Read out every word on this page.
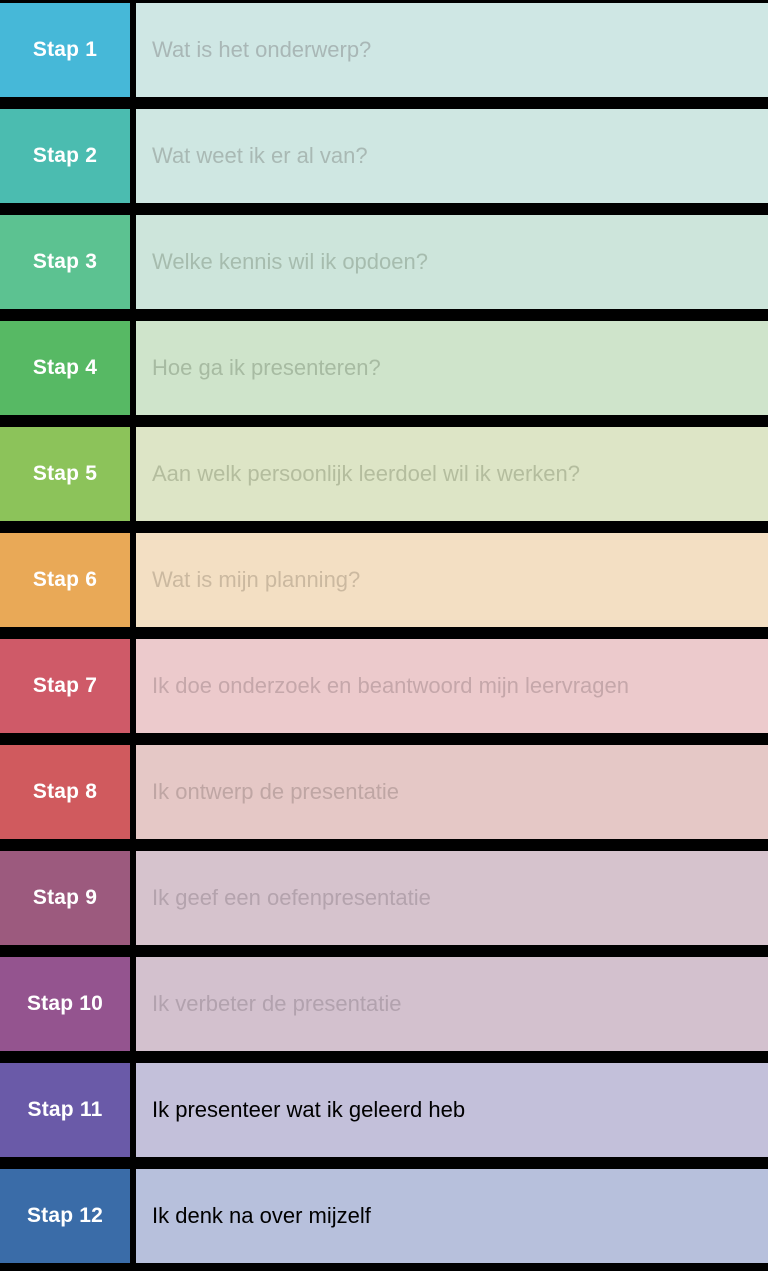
Stap 1	Wat is het onderwerp?
Stap 2	Wat weet ik er al van?
Stap 3	Welke kennis wil ik opdoen?
Stap 4	Hoe ga ik presenteren?
Stap 5	Aan welk persoonlijk leerdoel wil ik werken?
Stap 6	Wat is mijn planning?
Stap 7	Ik doe onderzoek en beantwoord mijn leervragen
Stap 8	Ik ontwerp de presentatie
Stap 9	Ik geef een oefenpresentatie
Stap 10	Ik verbeter de presentatie
Stap 11	Ik presenteer wat ik geleerd heb
Stap 12	Ik denk na over mijzelf
